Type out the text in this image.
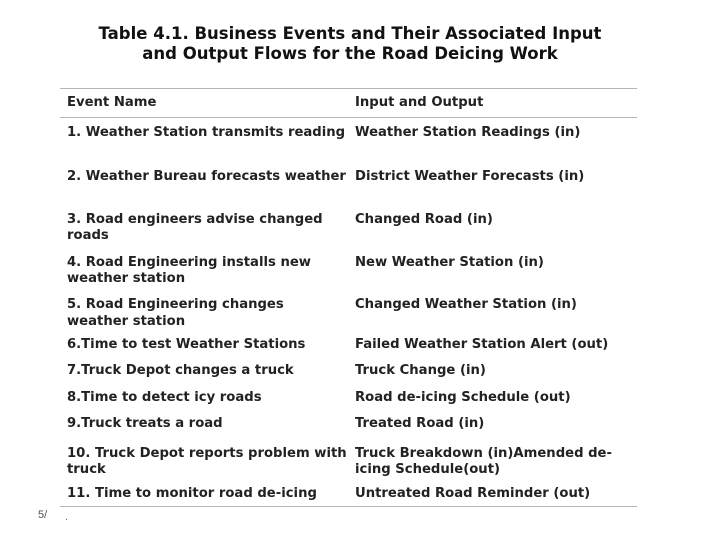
Table 4.1. Business Events and Their Associated Input
and Output Flows for the Road Deicing Work
Event Name	Input and Output
1. Weather Station transmits reading	Weather Station Readings (in)
2. Weather Bureau forecasts weather	District Weather Forecasts (in)
3. Road engineers advise changed roads	Changed Road (in)
4. Road Engineering installs new weather station	New Weather Station (in)
5. Road Engineering changes weather station	Changed Weather Station (in)
6.Time to test Weather Stations	Failed Weather Station Alert (out)
7.Truck Depot changes a truck	Truck Change (in)
8.Time to detect icy roads	Road de-icing Schedule (out)
9.Truck treats a road	Treated Road (in)
10. Truck Depot reports problem with truck	Truck Breakdown (in)Amended de-icing Schedule(out)
11. Time to monitor road de-icing	Untreated Road Reminder (out)
5/ .
